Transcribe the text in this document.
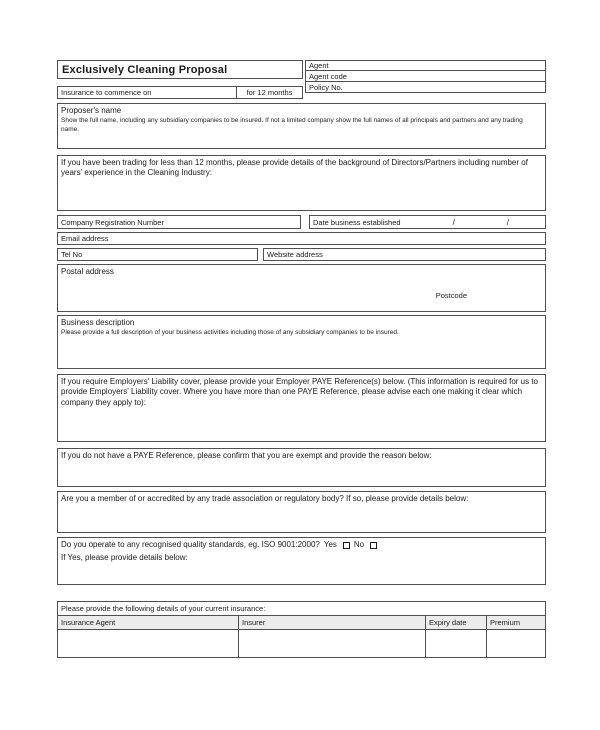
Exclusively Cleaning Proposal
Insurance to commence on	for 12 months
Agent
Agent code
Policy No.
Proposer's name
Show the full name, including any subsidiary companies to be insured. If not a limited company show the full names of all principals and partners and any trading name.
If you have been trading for less than 12 months, please provide details of the background of Directors/Partners including number of years' experience in the Cleaning Industry:
Company Registration Number	Date business established	/	/
Email address
Tel No	Website address
Postal address
Postcode
Business description
Please provide a full description of your business activities including those of any subsidiary companies to be insured.
If you require Employers' Liability cover, please provide your Employer PAYE Reference(s) below. (This information is required for us to provide Employers' Liability cover. Where you have more than one PAYE Reference, please advise each one making it clear which company they apply to):
If you do not have a PAYE Reference, please confirm that you are exempt and provide the reason below:
Are you a member of or accredited by any trade association or regulatory body? If so, please provide details below:
Do you operate to any recognised quality standards, eg. ISO 9001:2000? Yes No
If Yes, please provide details below:
Please provide the following details of your current insurance:
Insurance Agent	Insurer	Expiry date	Premium
